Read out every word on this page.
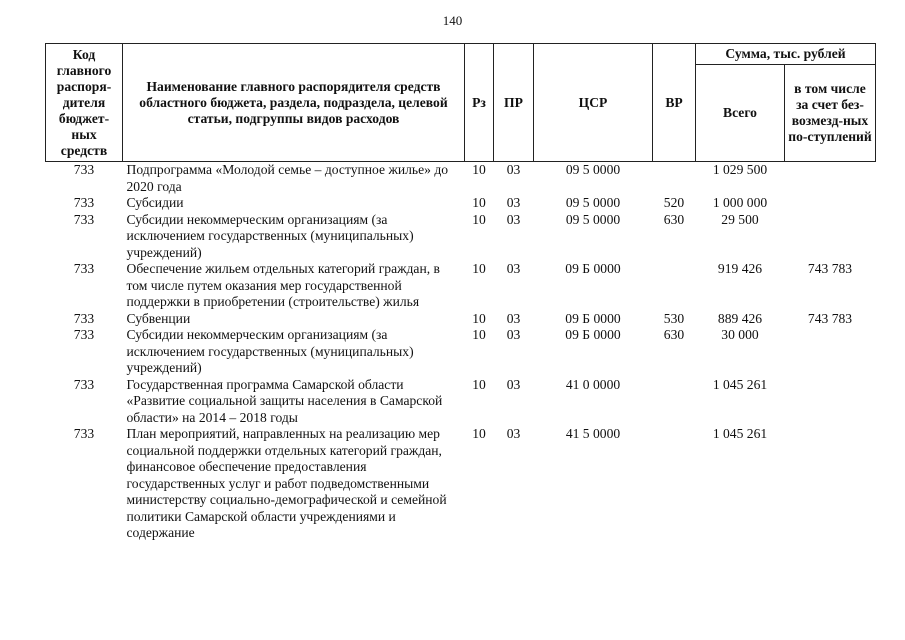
140
Код главного распоря-дителя бюджет-ных средств	Наименование главного распорядителя средств областного бюджета, раздела, подраздела, целевой статьи, подгруппы видов расходов	Рз	ПР	ЦСР	ВР	Сумма, тыс. рублей	
						Всего	в том числе за счет без-возмезд-ных по-ступлений
733	Подпрограмма «Молодой семье – доступное жилье» до 2020 года	10	03	09 5 0000		1 029 500	
733	Субсидии	10	03	09 5 0000	520	1 000 000	
733	Субсидии некоммерческим организациям (за исключением государственных (муниципальных) учреждений)	10	03	09 5 0000	630	29 500	
733	Обеспечение жильем отдельных категорий граждан, в том числе путем оказания мер государственной поддержки в приобретении (строительстве) жилья	10	03	09 Б 0000		919 426	743 783
733	Субвенции	10	03	09 Б 0000	530	889 426	743 783
733	Субсидии некоммерческим организациям (за исключением государственных (муниципальных) учреждений)	10	03	09 Б 0000	630	30 000	
733	Государственная программа Самарской области «Развитие социальной защиты населения в Самарской области» на 2014 – 2018 годы	10	03	41 0 0000		1 045 261	
733	План мероприятий, направленных на реализацию мер социальной поддержки отдельных категорий граждан, финансовое обеспечение предоставления государственных услуг и работ подведомственными министерству социально-демографической и семейной политики Самарской области учреждениями и содержание	10	03	41 5 0000		1 045 261	
